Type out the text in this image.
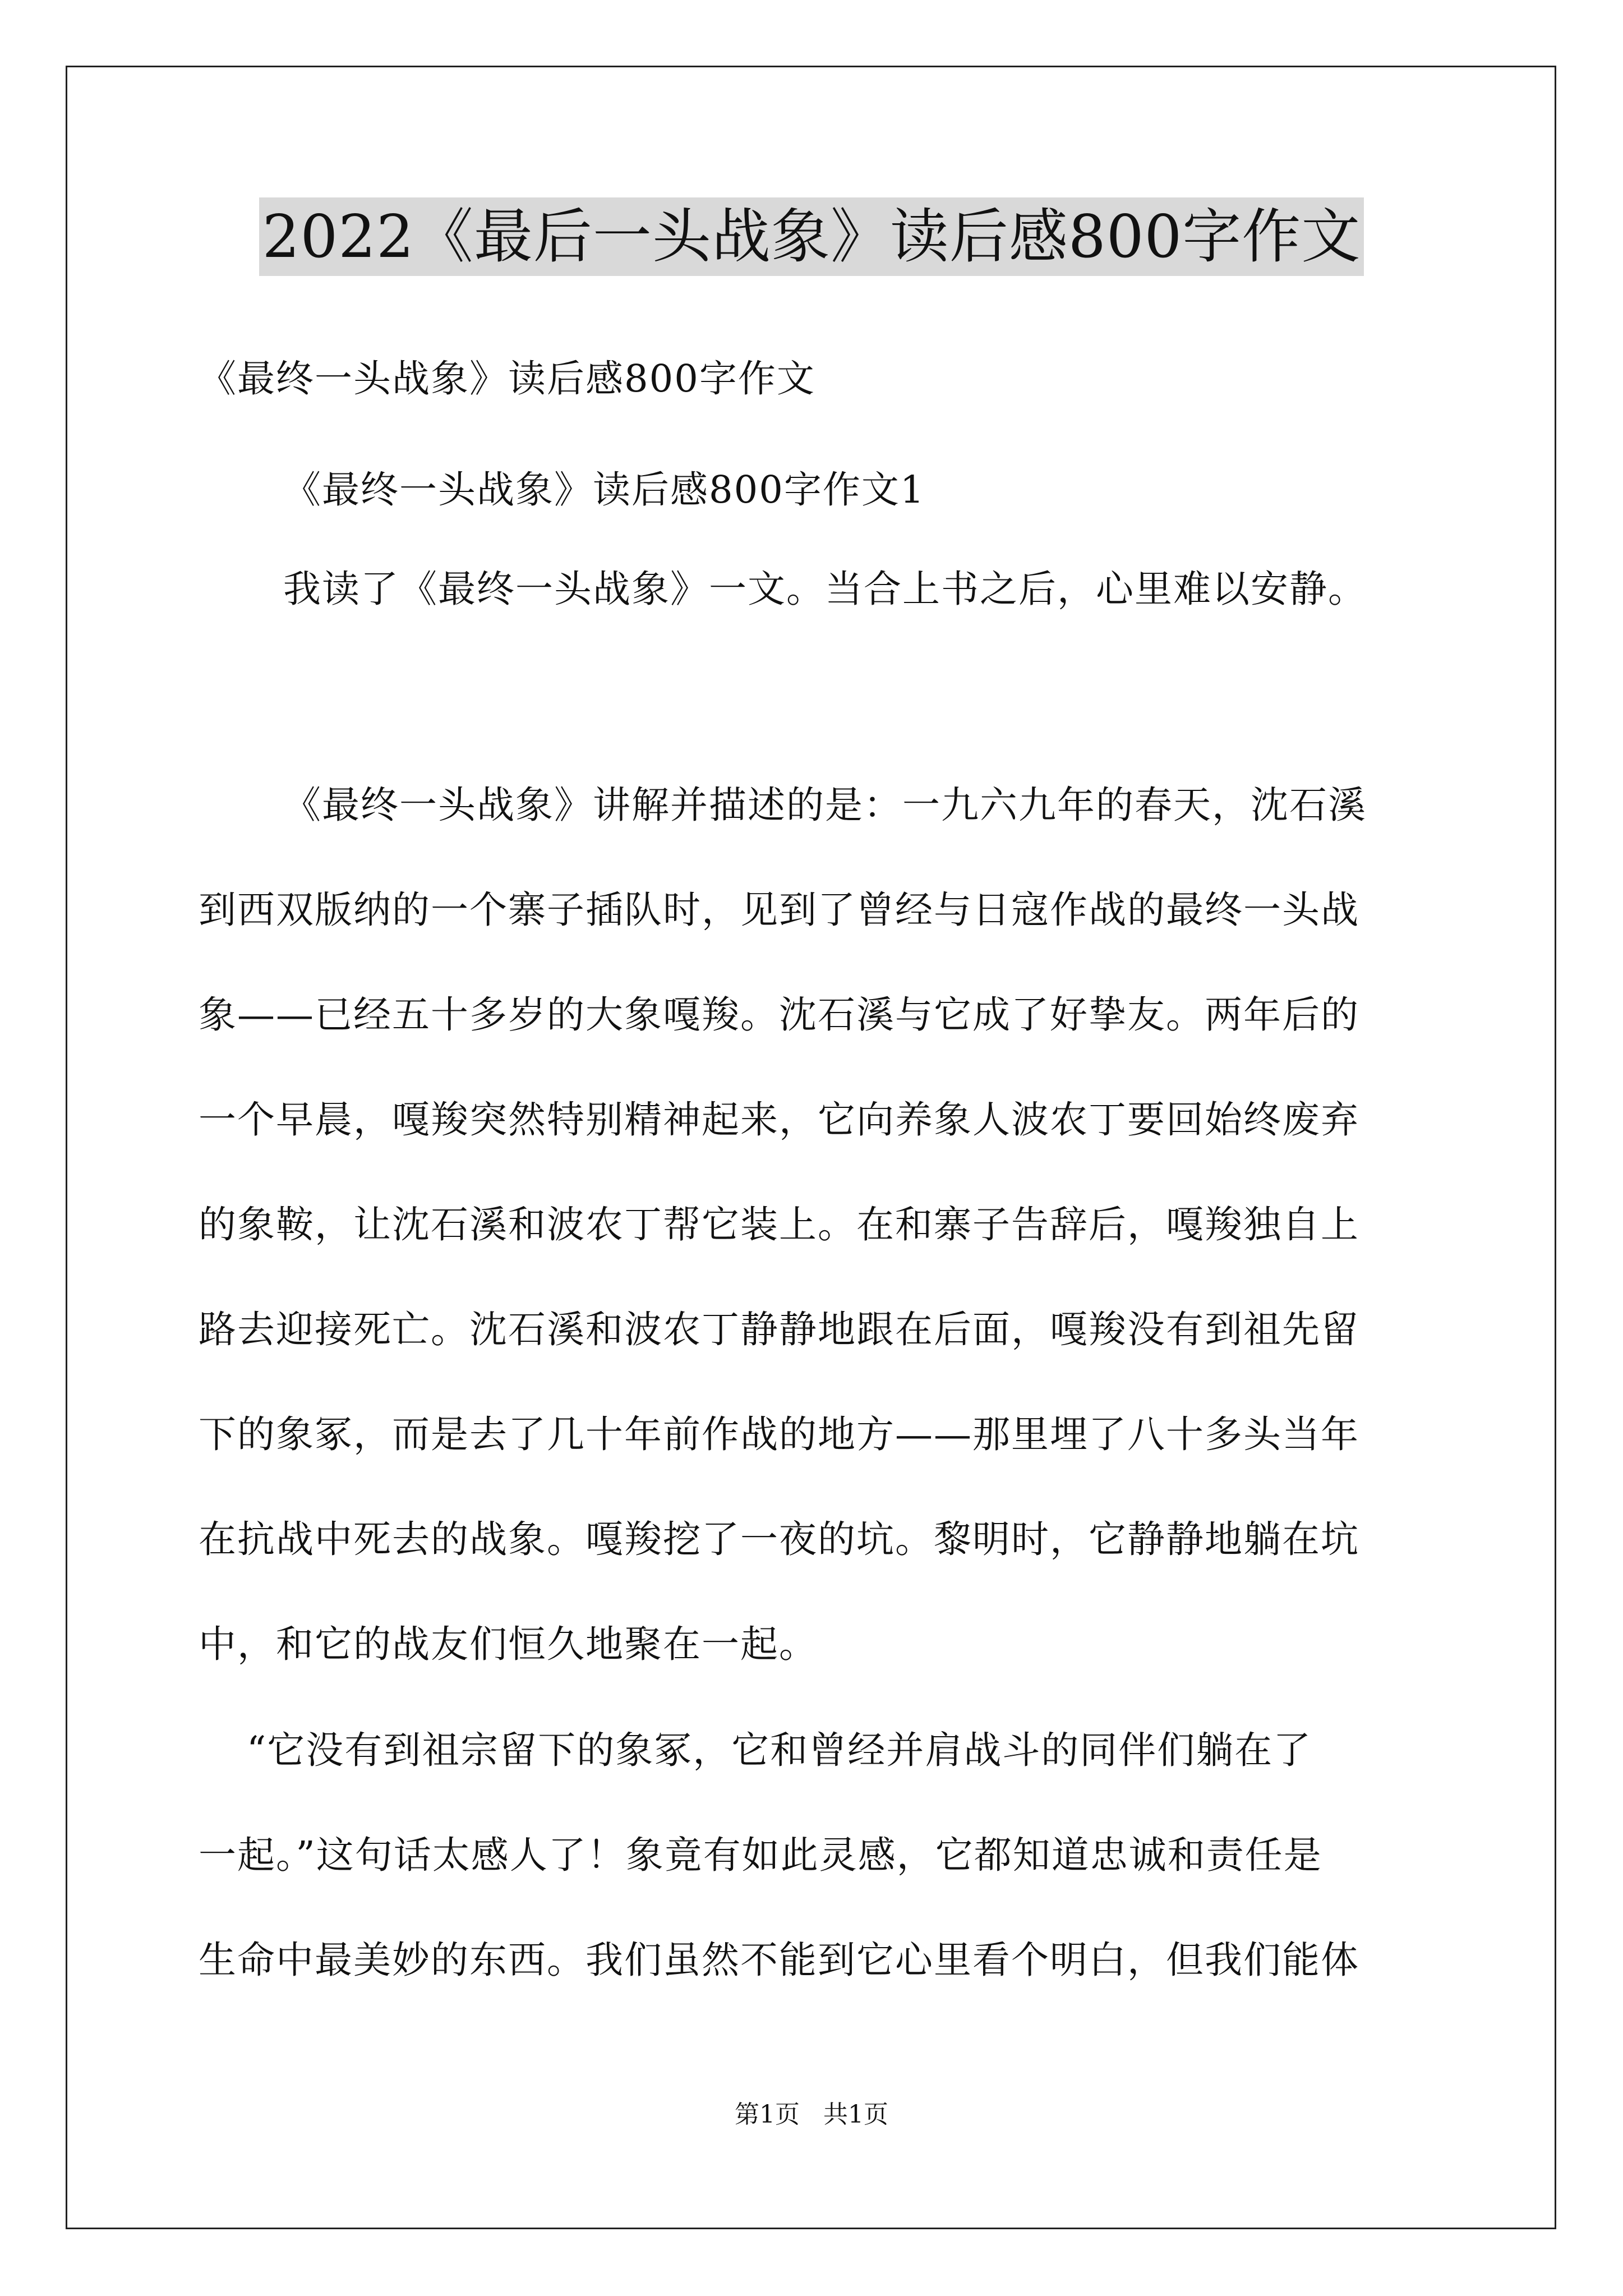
2022《最后一头战象》读后感800字作文
《最终一头战象》读后感800字作文
《最终一头战象》读后感800字作文1
我读了《最终一头战象》一文。当合上书之后，心里难以安静。
《最终一头战象》讲解并描述的是：一九六九年的春天，沈石溪
到西双版纳的一个寨子插队时，见到了曾经与日寇作战的最终一头战
象——已经五十多岁的大象嘎羧。沈石溪与它成了好挚友。两年后的
一个早晨，嘎羧突然特别精神起来，它向养象人波农丁要回始终废弃
的象鞍，让沈石溪和波农丁帮它装上。在和寨子告辞后，嘎羧独自上
路去迎接死亡。沈石溪和波农丁静静地跟在后面，嘎羧没有到祖先留
下的象冢，而是去了几十年前作战的地方——那里埋了八十多头当年
在抗战中死去的战象。嘎羧挖了一夜的坑。黎明时，它静静地躺在坑
中，和它的战友们恒久地聚在一起。
“它没有到祖宗留下的象冢，它和曾经并肩战斗的同伴们躺在了
一起。”这句话太感人了！象竟有如此灵感，它都知道忠诚和责任是
生命中最美妙的东西。我们虽然不能到它心里看个明白，但我们能体
第1页 共1页
